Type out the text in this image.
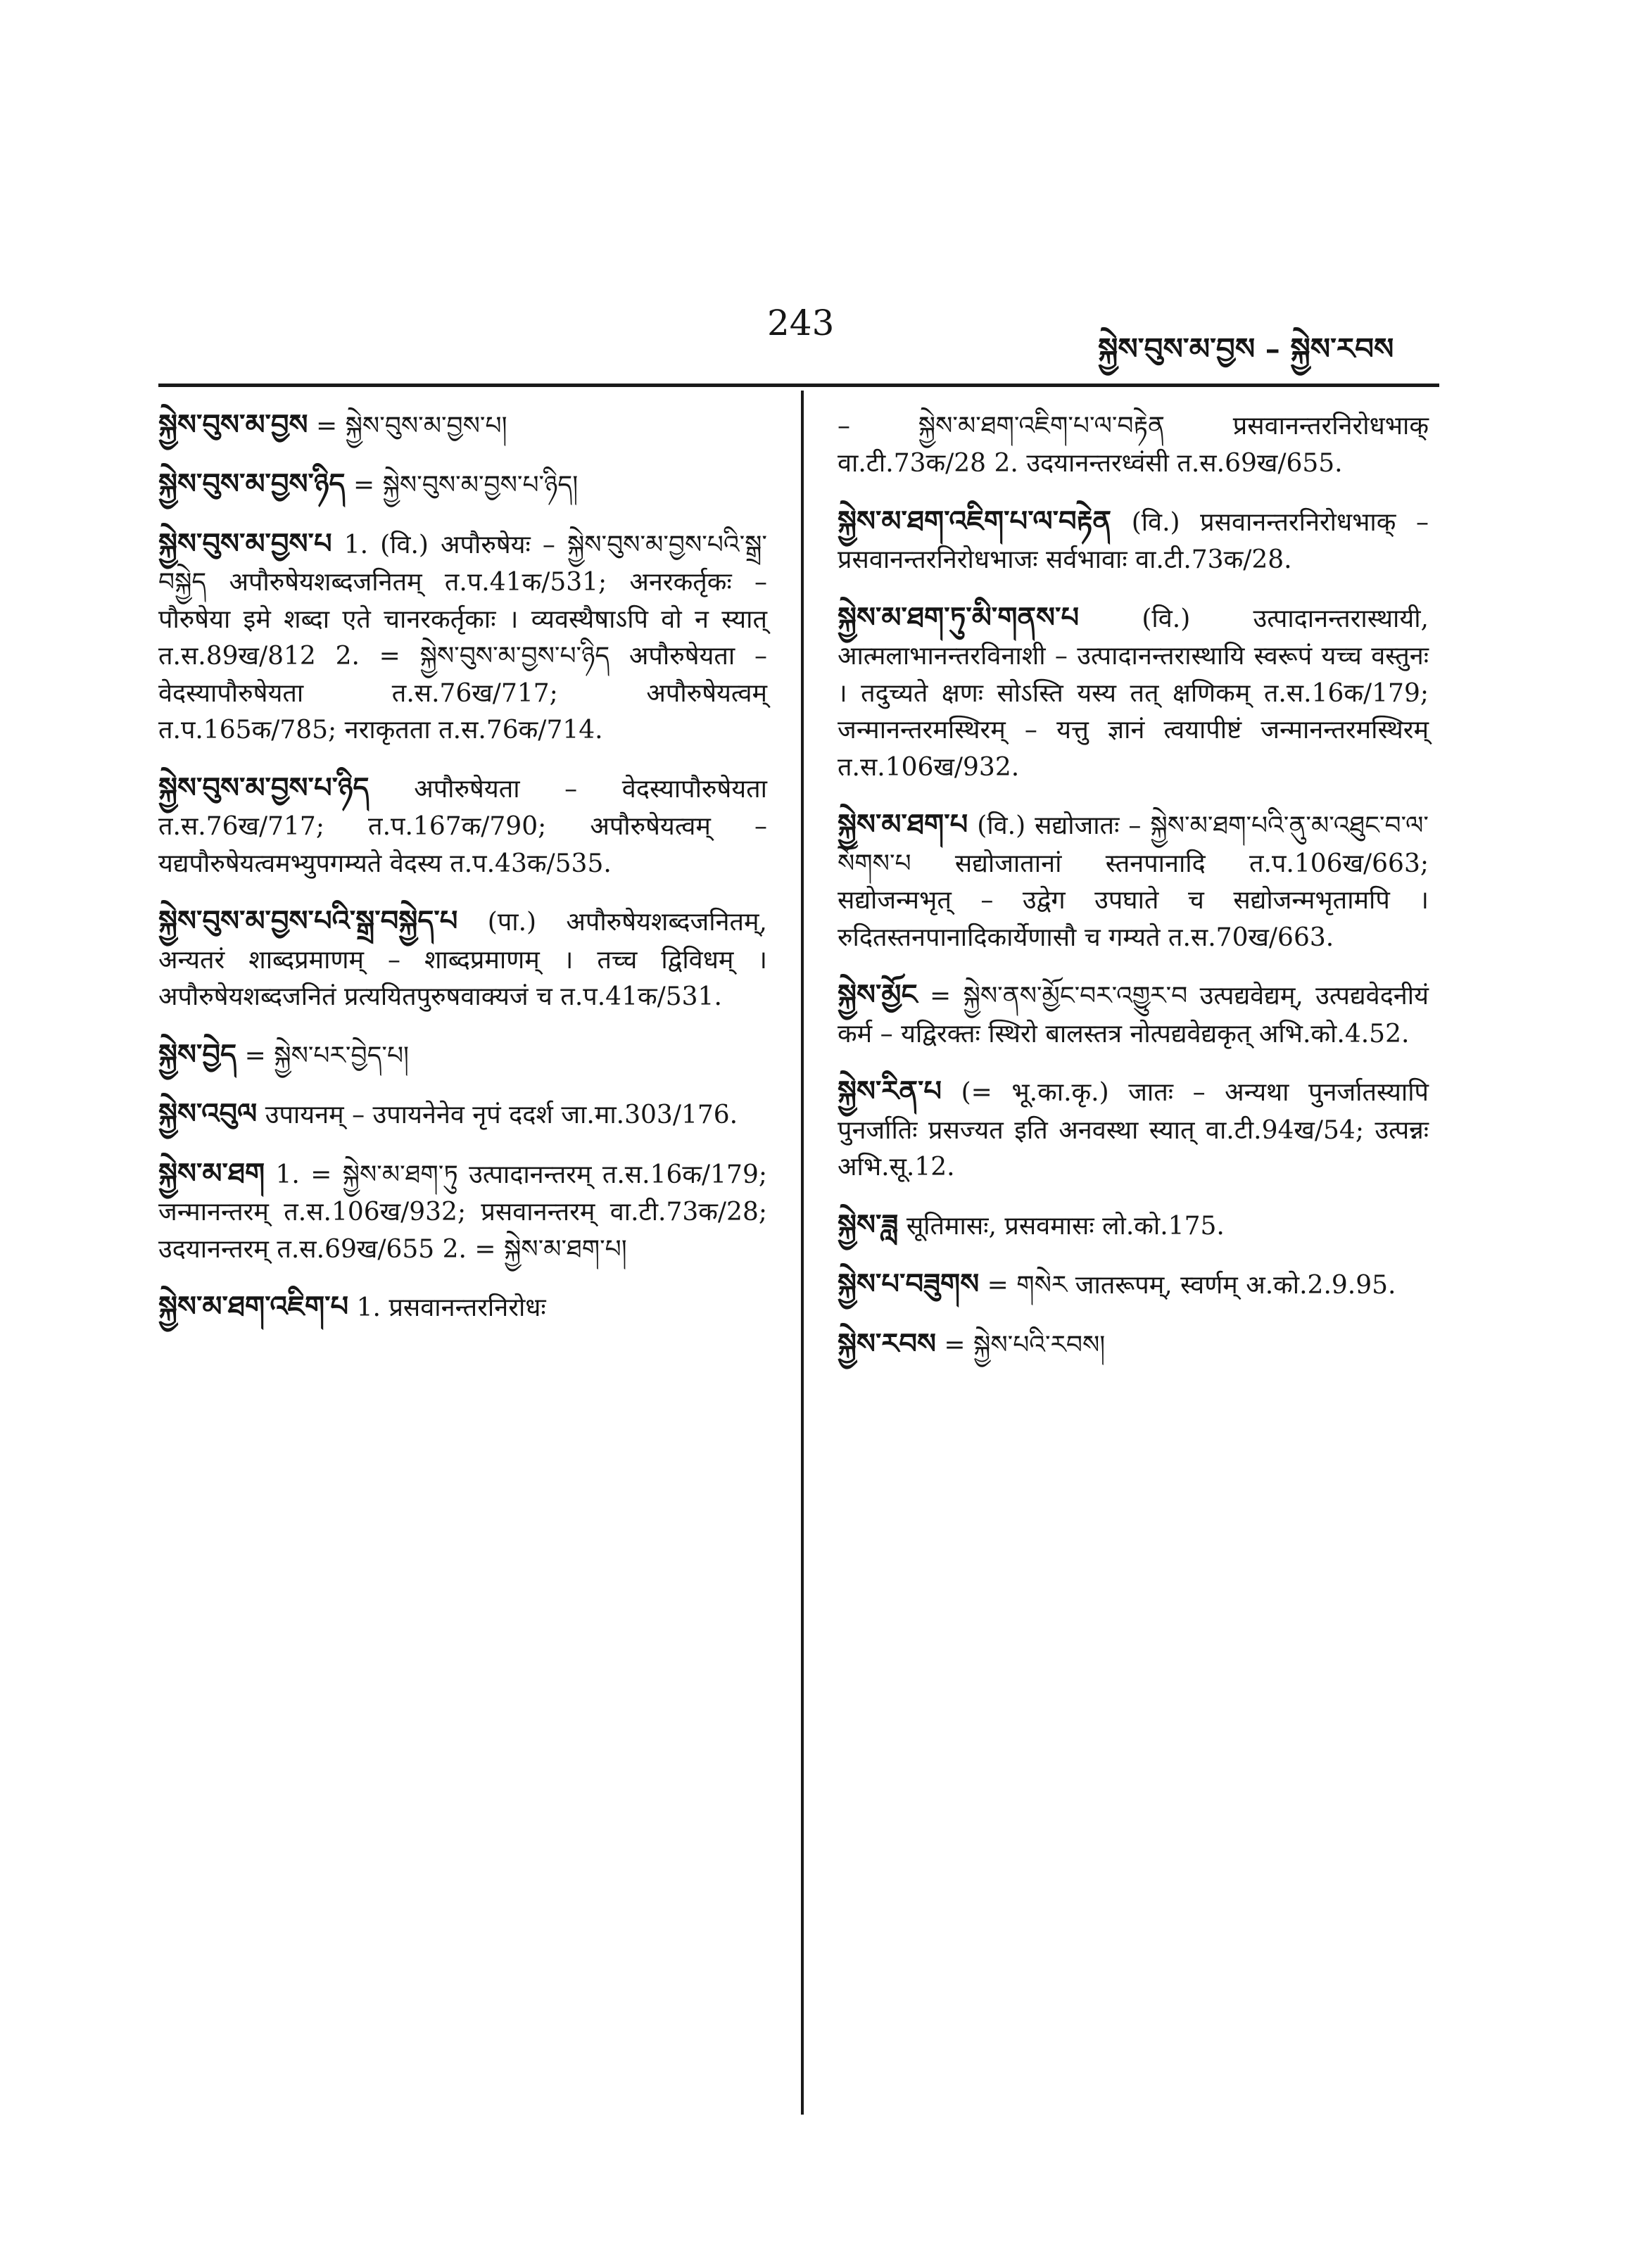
243
སྐྱེས་བུས་མ་བྱས – སྐྱེས་རབས
སྐྱེས་བུས་མ་བྱས = སྐྱེས་བུས་མ་བྱས་པ།
སྐྱེས་བུས་མ་བྱས་ཉིད = སྐྱེས་བུས་མ་བྱས་པ་ཉིད།
སྐྱེས་བུས་མ་བྱས་པ 1. (वि.) अपौरुषेयः – སྐྱེས་བུས་མ་བྱས་པའི་སྒྲ་བསྐྱེད अपौरुषेयशब्दजनितम् त.प.41क/531; अनरकर्तृकः – पौरुषेया इमे शब्दा एते चानरकर्तृकाः । व्यवस्थैषाऽपि वो न स्यात् त.स.89ख/812 2. = སྐྱེས་བུས་མ་བྱས་པ་ཉིད अपौरुषेयता – वेदस्यापौरुषेयता त.स.76ख/717; अपौरुषेयत्वम् त.प.165क/785; नराकृतता त.स.76क/714.
སྐྱེས་བུས་མ་བྱས་པ་ཉིད अपौरुषेयता – वेदस्यापौरुषेयता त.स.76ख/717; त.प.167क/790; अपौरुषेयत्वम् – यद्यपौरुषेयत्वमभ्युपगम्यते वेदस्य त.प.43क/535.
སྐྱེས་བུས་མ་བྱས་པའི་སྒྲ་བསྐྱེད་པ (पा.) अपौरुषेयशब्दजनितम्, अन्यतरं शाब्दप्रमाणम् – शाब्दप्रमाणम् । तच्च द्विविधम् । अपौरुषेयशब्दजनितं प्रत्ययितपुरुषवाक्यजं च त.प.41क/531.
སྐྱེས་བྱེད = སྐྱེས་པར་བྱེད་པ།
སྐྱེས་འབུལ उपायनम् – उपायनेनेव नृपं ददर्श जा.मा.303/176.
སྐྱེས་མ་ཐག 1. = སྐྱེས་མ་ཐག་ཏུ उत्पादानन्तरम् त.स.16क/179; जन्मानन्तरम् त.स.106ख/932; प्रसवानन्तरम् वा.टी.73क/28; उदयानन्तरम् त.स.69ख/655 2. = སྐྱེས་མ་ཐག་པ།
སྐྱེས་མ་ཐག་འཇིག་པ 1. प्रसवानन्तरनिरोधः
– སྐྱེས་མ་ཐག་འཇིག་པ་ལ་བརྟེན प्रसवानन्तरनिरोधभाक् वा.टी.73क/28 2. उदयानन्तरध्वंसी त.स.69ख/655.
སྐྱེས་མ་ཐག་འཇིག་པ་ལ་བརྟེན (वि.) प्रसवानन्तरनिरोधभाक् – प्रसवानन्तरनिरोधभाजः सर्वभावाः वा.टी.73क/28.
སྐྱེས་མ་ཐག་ཏུ་མི་གནས་པ (वि.) उत्पादानन्तरास्थायी, आत्मलाभानन्तरविनाशी – उत्पादानन्तरास्थायि स्वरूपं यच्च वस्तुनः । तदुच्यते क्षणः सोऽस्ति यस्य तत् क्षणिकम् त.स.16क/179; जन्मानन्तरमस्थिरम् – यत्तु ज्ञानं त्वयापीष्टं जन्मानन्तरमस्थिरम् त.स.106ख/932.
སྐྱེས་མ་ཐག་པ (वि.) सद्योजातः – སྐྱེས་མ་ཐག་པའི་ནུ་མ་འཐུང་བ་ལ་སོགས་པ सद्योजातानां स्तनपानादि त.प.106ख/663; सद्योजन्मभृत् – उद्वेग उपघाते च सद्योजन्मभृतामपि । रुदितस्तनपानादिकार्येणासौ च गम्यते त.स.70ख/663.
སྐྱེས་མྱོང = སྐྱེས་ནས་མྱོང་བར་འགྱུར་བ उत्पद्यवेद्यम्, उत्पद्यवेदनीयं कर्म – यद्विरक्तः स्थिरो बालस्तत्र नोत्पद्यवेद्यकृत् अभि.को.4.52.
སྐྱེས་རིན་པ (= भू.का.कृ.) जातः – अन्यथा पुनर्जातस्यापि पुनर्जातिः प्रसज्यत इति अनवस्था स्यात् वा.टी.94ख/54; उत्पन्नः अभि.सू.12.
སྐྱེས་ཟླ सूतिमासः, प्रसवमासः लो.को.175.
སྐྱེས་པ་བཟུགས = གསེར जातरूपम्, स्वर्णम् अ.को.2.9.95.
སྐྱེས་རབས = སྐྱེས་པའི་རབས།
